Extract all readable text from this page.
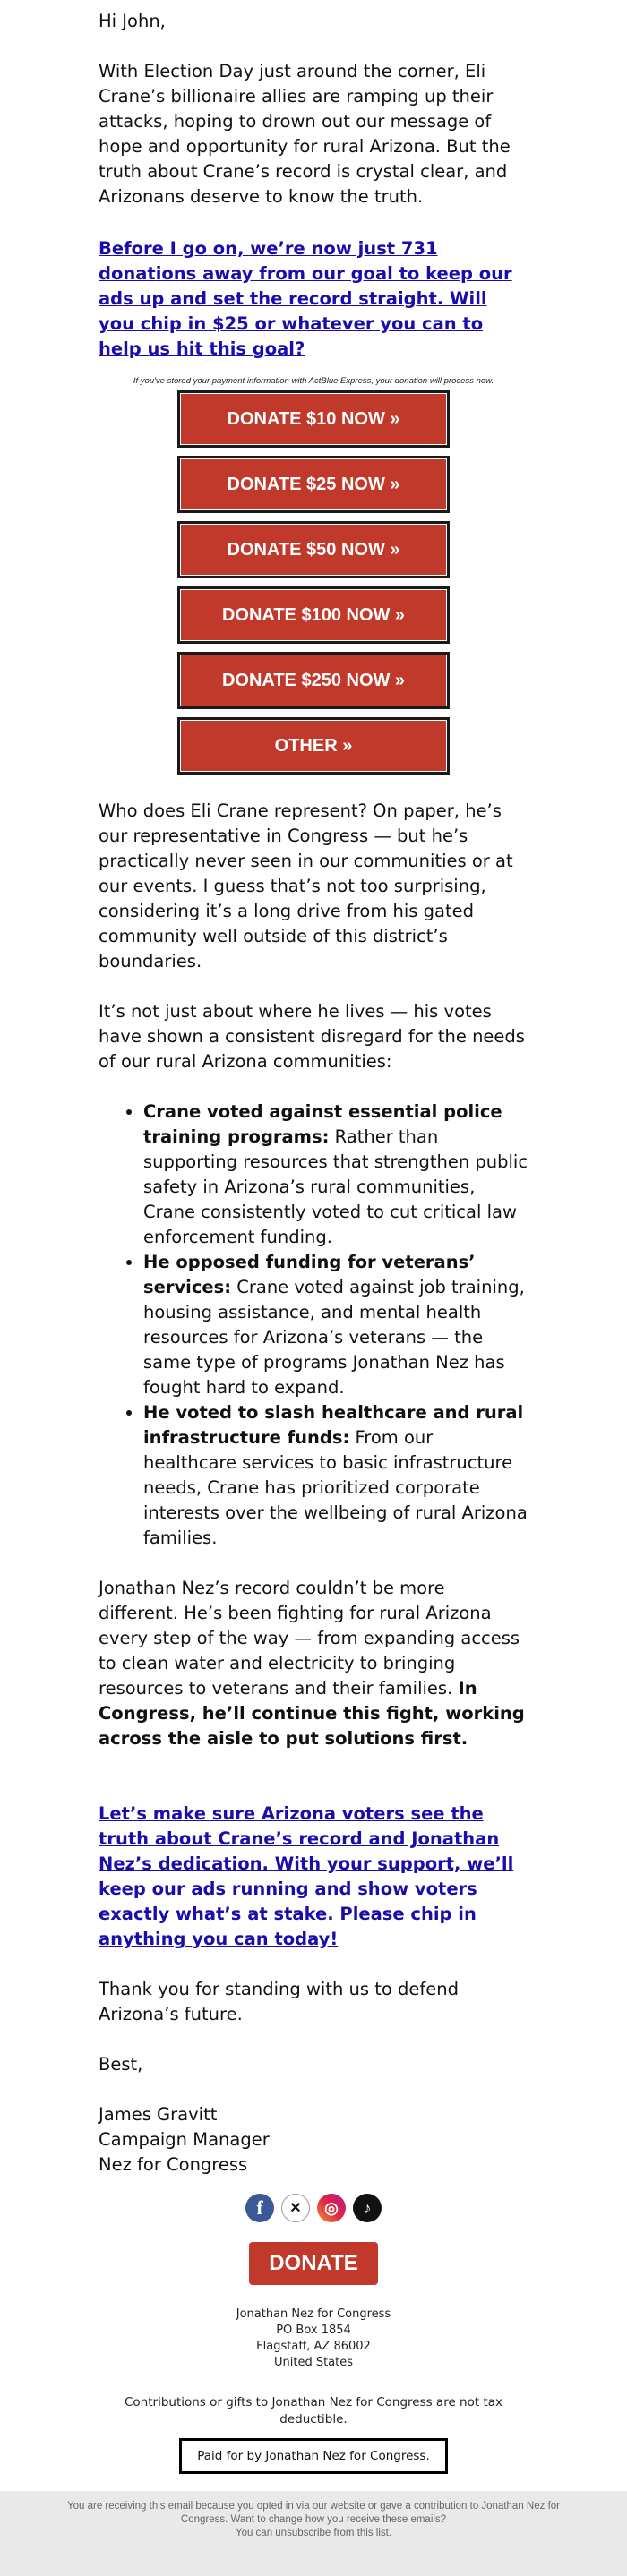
Hi John,

With Election Day just around the corner, Eli Crane’s billionaire allies are ramping up their attacks, hoping to drown out our message of hope and opportunity for rural Arizona. But the truth about Crane’s record is crystal clear, and Arizonans deserve to know the truth.

Before I go on, we’re now just 731 donations away from our goal to keep our ads up and set the record straight. Will you chip in $25 or whatever you can to help us hit this goal?

If you've stored your payment information with ActBlue Express, your donation will process now.

DONATE $10 NOW »
DONATE $25 NOW »
DONATE $50 NOW »
DONATE $100 NOW »
DONATE $250 NOW »
OTHER »

Who does Eli Crane represent? On paper, he’s our representative in Congress — but he’s practically never seen in our communities or at our events. I guess that’s not too surprising, considering it’s a long drive from his gated community well outside of this district’s boundaries.

It’s not just about where he lives — his votes have shown a consistent disregard for the needs of our rural Arizona communities:

• Crane voted against essential police training programs: Rather than supporting resources that strengthen public safety in Arizona’s rural communities, Crane consistently voted to cut critical law enforcement funding.
• He opposed funding for veterans’ services: Crane voted against job training, housing assistance, and mental health resources for Arizona’s veterans — the same type of programs Jonathan Nez has fought hard to expand.
• He voted to slash healthcare and rural infrastructure funds: From our healthcare services to basic infrastructure needs, Crane has prioritized corporate interests over the wellbeing of rural Arizona families.

Jonathan Nez’s record couldn’t be more different. He’s been fighting for rural Arizona every step of the way — from expanding access to clean water and electricity to bringing resources to veterans and their families. In Congress, he’ll continue this fight, working across the aisle to put solutions first.

Let’s make sure Arizona voters see the truth about Crane’s record and Jonathan Nez’s dedication. With your support, we’ll keep our ads running and show voters exactly what’s at stake. Please chip in anything you can today!

Thank you for standing with us to defend Arizona’s future.

Best,

James Gravitt

Campaign Manager

Nez for Congress

f	✕	◎	♪
DONATE
Jonathan Nez for Congress
PO Box 1854
Flagstaff, AZ 86002
United States
Contributions or gifts to Jonathan Nez for Congress are not tax deductible.
Paid for by Jonathan Nez for Congress.
You are receiving this email because you opted in via our website or gave a contribution to Jonathan Nez for Congress. Want to change how you receive these emails?
You can unsubscribe from this list.
